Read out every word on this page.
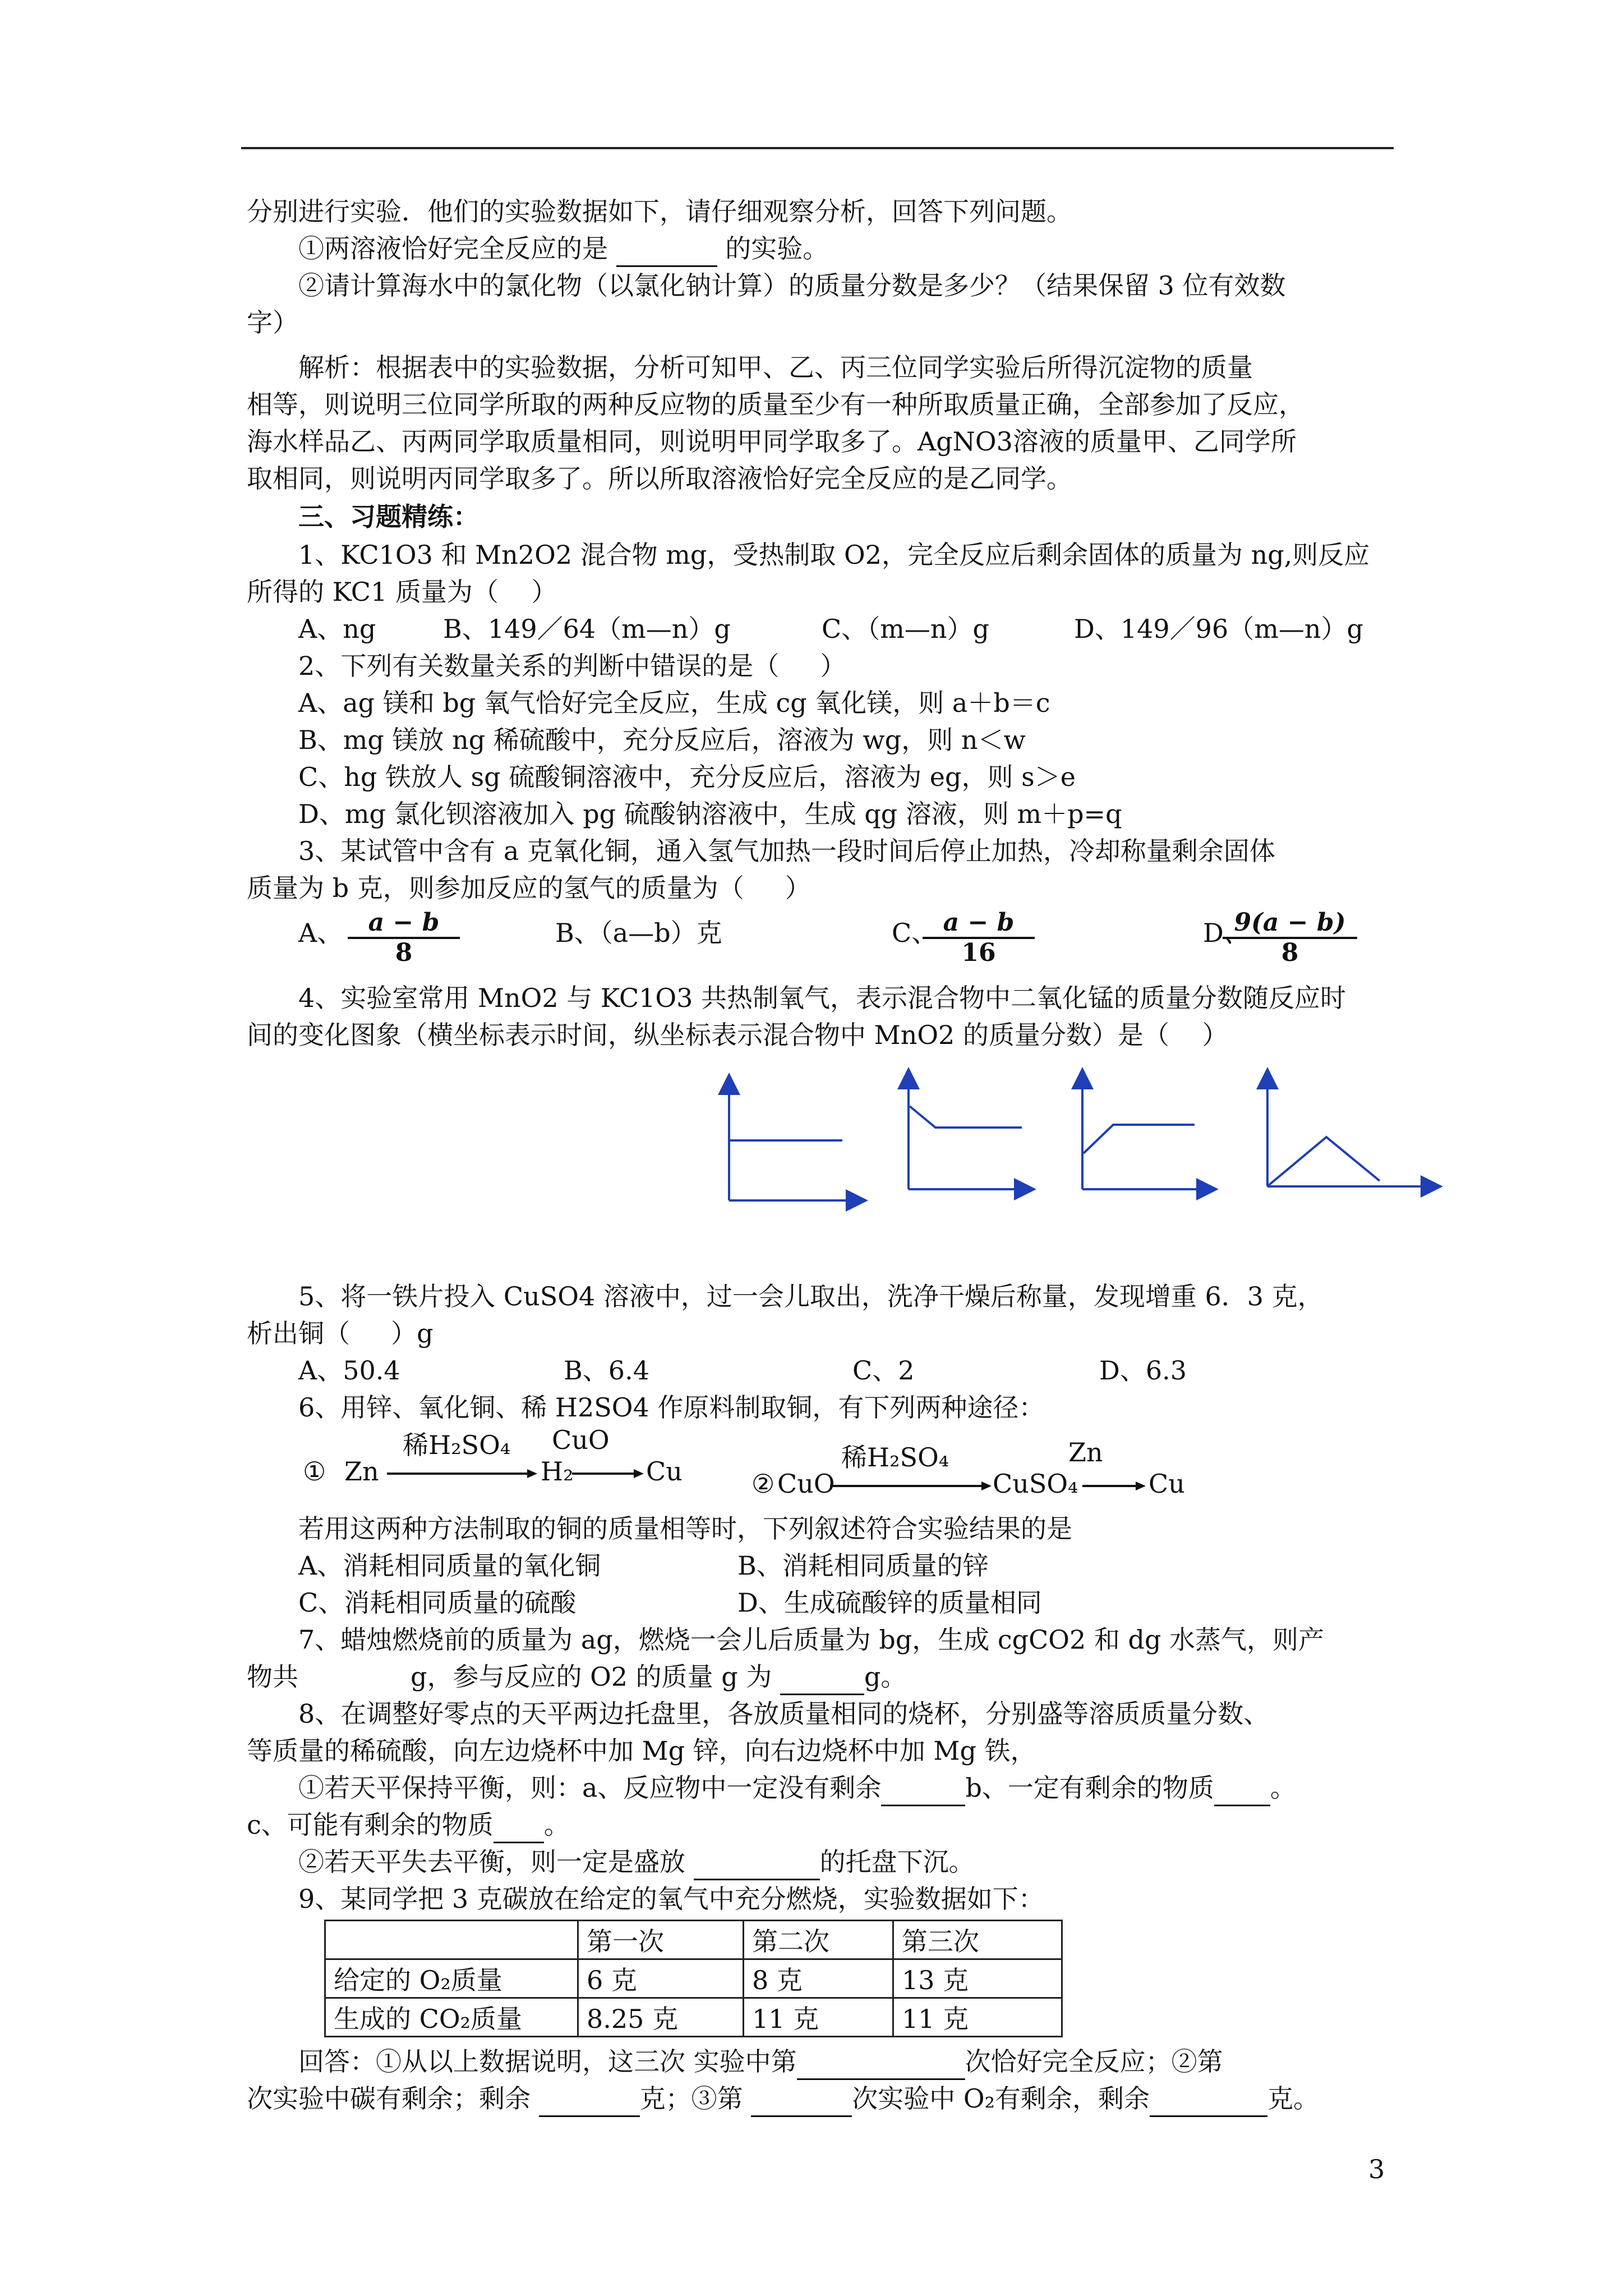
分别进行实验．他们的实验数据如下，请仔细观察分析，回答下列问题。
①两溶液恰好完全反应的是	的实验。
②请计算海水中的氯化物（以氯化钠计算）的质量分数是多少？（结果保留 3 位有效数
字）
解析：根据表中的实验数据，分析可知甲、乙、丙三位同学实验后所得沉淀物的质量
相等，则说明三位同学所取的两种反应物的质量至少有一种所取质量正确，全部参加了反应，
海水样品乙、丙两同学取质量相同，则说明甲同学取多了。AgNO3溶液的质量甲、乙同学所
取相同，则说明丙同学取多了。所以所取溶液恰好完全反应的是乙同学。
三、习题精练：
1、KC1O3 和 Mn2O2 混合物 mg，受热制取 O2，完全反应后剩余固体的质量为 ng,则反应
所得的 KC1 质量为（    ）
A、ng	B、149／64（m—n）g	C、（m—n）g	D、149／96（m—n）g
2、下列有关数量关系的判断中错误的是（     ）
A、ag 镁和 bg 氧气恰好完全反应，生成 cg 氧化镁，则 a＋b＝c
B、mg 镁放 ng 稀硫酸中，充分反应后，溶液为 wg，则 n＜w
C、hg 铁放人 sg 硫酸铜溶液中，充分反应后，溶液为 eg，则 s＞e
D、mg 氯化钡溶液加入 pg 硫酸钠溶液中，生成 qg 溶液，则 m＋p=q
3、某试管中含有 a 克氧化铜，通入氢气加热一段时间后停止加热，冷却称量剩余固体
质量为 b 克，则参加反应的氢气的质量为（     ）
A、 $\frac{a - b}{8}$	B、（a—b）克	C、
$\frac{a - b}{16}$	D、
$\frac{9(a - b)}{8}$
4、实验室常用 MnO2 与 KC1O3 共热制氧气，表示混合物中二氧化锰的质量分数随反应时
间的变化图象（横坐标表示时间，纵坐标表示混合物中 MnO2 的质量分数）是（    ）
5、将一铁片投入 CuSO4 溶液中，过一会儿取出，洗净干燥后称量，发现增重 6．3 克，
析出铜（     ）g
A、50.4	B、6.4	C、2	D、6.3
6、用锌、氧化铜、稀 H2SO4 作原料制取铜，有下列两种途径：

①

Zn

稀H₂SO₄

H₂

CuO

Cu

	②

CuO

稀H₂SO₄

CuSO₄

Zn

Cu

若用这两种方法制取的铜的质量相等时，下列叙述符合实验结果的是
A、消耗相同质量的氧化铜	B、消耗相同质量的锌
C、消耗相同质量的硫酸	D、生成硫酸锌的质量相同
7、蜡烛燃烧前的质量为 ag，燃烧一会儿后质量为 bg，生成 cgCO2 和 dg 水蒸气，则产
物共	g，参与反应的 O2 的质量 g 为	g。
8、在调整好零点的天平两边托盘里，各放质量相同的烧杯，分别盛等溶质质量分数、
等质量的稀硫酸，向左边烧杯中加 Mg 锌，向右边烧杯中加 Mg 铁，
①若天平保持平衡，则：a、反应物中一定没有剩余	b、一定有剩余的物质 。
c、可能有剩余的物质 。
②若天平失去平衡，则一定是盛放	的托盘下沉。
9、某同学把 3 克碳放在给定的氧气中充分燃烧，实验数据如下：
	第一次	第二次	第三次
给定的 O₂质量	6 克	8 克	13 克
生成的 CO₂质量	8.25 克	11 克	11 克
回答：①从以上数据说明，这三次 实验中第	次恰好完全反应；②第
次实验中碳有剩余；剩余	克；③第	次实验中 O₂有剩余，剩余	克。
3
